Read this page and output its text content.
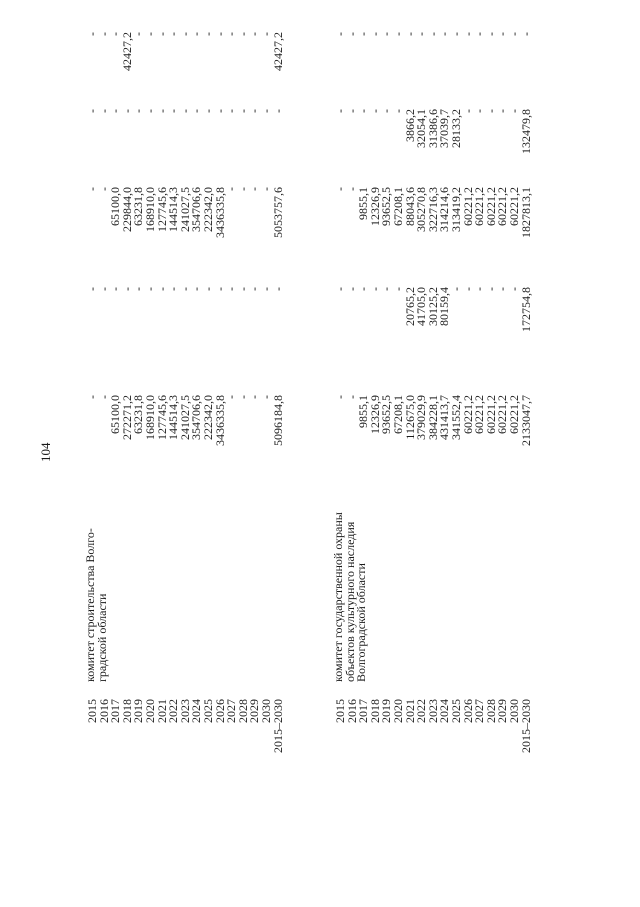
104
комитет строительства Волго-
градской области
2015
-
-
-
-
-
2016
-
-
-
-
-
2017
65100,0
-
65100,0
-
-
2018
272271,2
-
229844,0
-
42427,2
2019
63231,8
-
63231,8
-
-
2020
168910,0
-
168910,0
-
-
2021
127745,6
-
127745,6
-
-
2022
144514,3
-
144514,3
-
-
2023
241027,5
-
241027,5
-
-
2024
354706,6
-
354706,6
-
-
2025
222342,0
-
222342,0
-
-
2026
3436335,8
-
3436335,8
-
-
2027
-
-
-
-
-
2028
-
-
-
-
-
2029
-
-
-
-
-
2030
-
-
-
-
-
2015–2030
5096184,8
-
5053757,6
-
42427,2
комитет государственной охраны
объектов культурного наследия
Волгоградской области
2015
-
-
-
-
-
2016
-
-
-
-
-
2017
9855,1
-
9855,1
-
-
2018
12326,9
-
12326,9
-
-
2019
93652,5
-
93652,5
-
-
2020
67208,1
-
67208,1
-
-
2021
112675,0
20765,2
88043,6
3866,2
-
2022
379029,9
41705,0
305270,8
32054,1
-
2023
384228,1
30125,2
322716,3
31386,6
-
2024
431413,7
80159,4
314214,6
37039,7
-
2025
341552,4
-
313419,2
28133,2
-
2026
60221,2
-
60221,2
-
-
2027
60221,2
-
60221,2
-
-
2028
60221,2
-
60221,2
-
-
2029
60221,2
-
60221,2
-
-
2030
60221,2
-
60221,2
-
-
2015–2030
2133047,7
172754,8
1827813,1
132479,8
-
